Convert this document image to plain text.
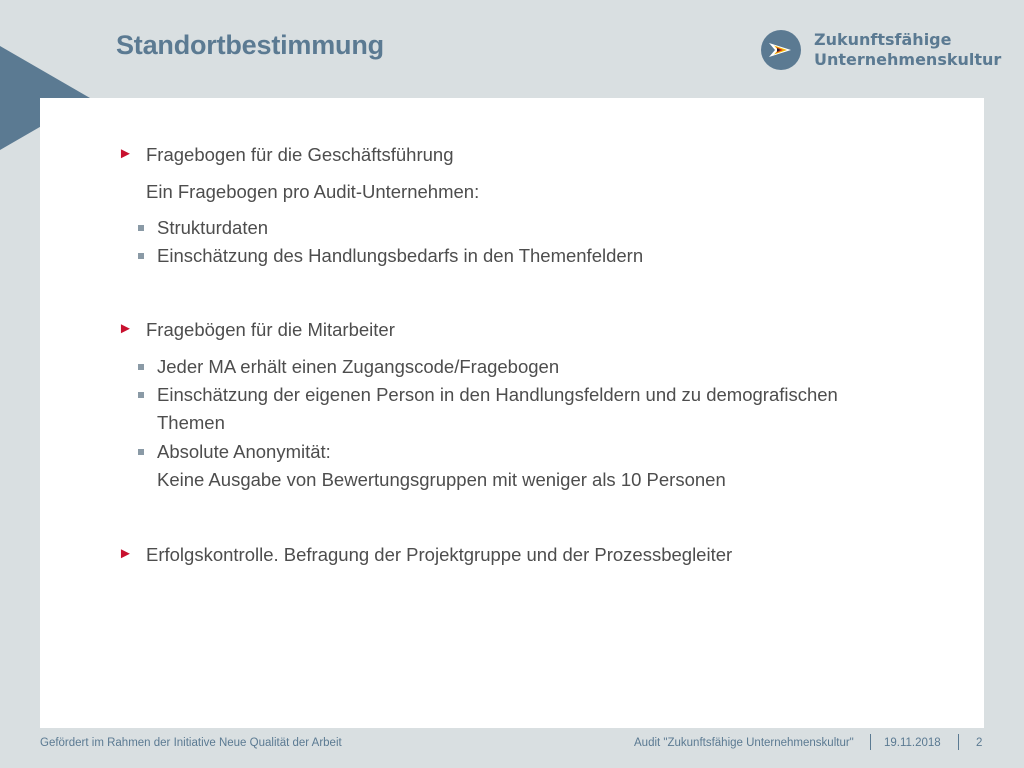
Standortbestimmung	Zukunftsfähige
Unternehmenskultur
► Fragebogen für die Geschäftsführung
Ein Fragebogen pro Audit-Unternehmen:
Strukturdaten
Einschätzung des Handlungsbedarfs in den Themenfeldern
► Fragebögen für die Mitarbeiter
Jeder MA erhält einen Zugangscode/Fragebogen
Einschätzung der eigenen Person in den Handlungsfeldern und zu demografischen
Themen
Absolute Anonymität:
Keine Ausgabe von Bewertungsgruppen mit weniger als 10 Personen
► Erfolgskontrolle. Befragung der Projektgruppe und der Prozessbegleiter
Gefördert im Rahmen der Initiative Neue Qualität der Arbeit	Audit "Zukunftsfähige Unternehmenskultur"	19.11.2018	2
